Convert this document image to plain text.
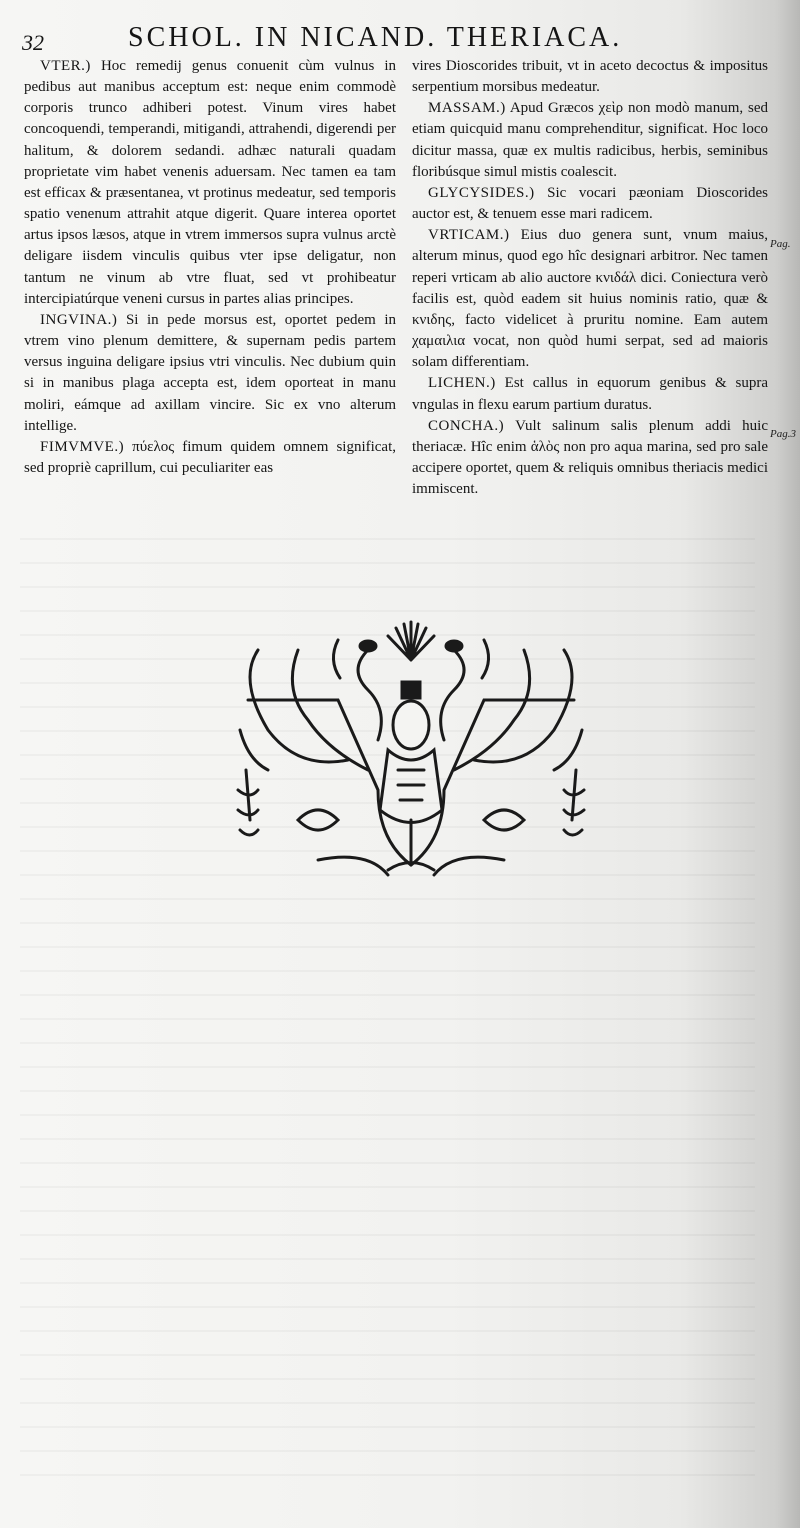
32	SCHOL. IN NICAND. THERIACA.

VTER.) Hoc remedij genus conuenit cùm vulnus in pedibus aut manibus acceptum est: neque enim commodè corporis trunco adhiberi potest. Vinum vires habet concoquendi, temperandi, mitigandi, attrahendi, digerendi per halitum, & dolorem sedandi. adhæc naturali quadam proprietate vim habet venenis aduersam. Nec tamen ea tam est efficax & præsentanea, vt protinus medeatur, sed temporis spatio venenum attrahit atque digerit. Quare interea oportet artus ipsos læsos, atque in vtrem immersos supra vulnus arctè deligare iisdem vinculis quibus vter ipse deligatur, non tantum ne vinum ab vtre fluat, sed vt prohibeatur intercipiatúrque veneni cursus in partes alias principes.

INGVINA.) Si in pede morsus est, oportet pedem in vtrem vino plenum demittere, & supernam pedis partem versus inguina deligare ipsius vtri vinculis. Nec dubium quin si in manibus plaga accepta est, idem oporteat in manu moliri, eámque ad axillam vincire. Sic ex vno alterum intellige.

FIMVMVE.) πύελος fimum quidem omnem significat, sed propriè caprillum, cui peculiariter eas

vires Dioscorides tribuit, vt in aceto decoctus & impositus serpentium morsibus medeatur.

MASSAM.) Apud Græcos χεὶρ non modò manum, sed etiam quicquid manu comprehenditur, significat. Hoc loco dicitur massa, quæ ex multis radicibus, herbis, seminibus floribúsque simul mistis coalescit.

GLYCYSIDES.) Sic vocari pæoniam Dioscorides auctor est, & tenuem esse mari radicem.

VRTICAM.) Eius duo genera sunt, vnum maius, alterum minus, quod ego hîc designari arbitror. Nec tamen reperi vrticam ab alio auctore κνιδάλ dici. Coniectura verò facilis est, quòd eadem sit huius nominis ratio, quæ & κνιδης, facto videlicet à pruritu nomine. Eam autem χαμαιλια vocat, non quòd humi serpat, sed ad maioris solam differentiam.

LICHEN.) Est callus in equorum genibus & supra vngulas in flexu earum partium duratus.

CONCHA.) Vult salinum salis plenum addi huic theriacæ. Hîc enim ἁλὸς non pro aqua marina, sed pro sale accipere oportet, quem & reliquis omnibus theriacis medici immiscent.

Pag.
Pag.3
